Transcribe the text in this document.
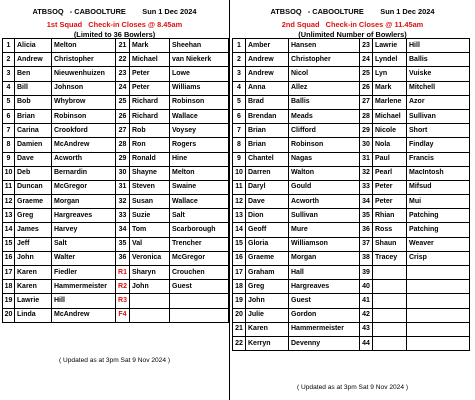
ATBSOQ   - CABOOLTURE        Sun 1 Dec 2024
1st Squad Check-in Closes @ 8.45am
(Limited to 36 Bowlers)
1	Alicia	Melton	21	Mark	Sheehan
2	Andrew	Christopher	22	Michael	van Niekerk
3	Ben	Nieuwenhuizen	23	Peter	Lowe
4	Bill	Johnson	24	Peter	Williams
5	Bob	Whybrow	25	Richard	Robinson
6	Brian	Robinson	26	Richard	Wallace
7	Carina	Crookford	27	Rob	Voysey
8	Damien	McAndrew	28	Ron	Rogers
9	Dave	Acworth	29	Ronald	Hine
10	Deb	Bernardin	30	Shayne	Melton
11	Duncan	McGregor	31	Steven	Swaine
12	Graeme	Morgan	32	Susan	Wallace
13	Greg	Hargreaves	33	Suzie	Salt
14	James	Harvey	34	Tom	Scarborough
15	Jeff	Salt	35	Val	Trencher
16	John	Walter	36	Veronica	McGregor
17	Karen	Fiedler	R1	Sharyn	Crouchen
18	Karen	Hammermeister	R2	John	Guest
19	Lawrie	Hill	R3		
20	Linda	McAndrew	F4		
( Updated as at 3pm Sat 9 Nov 2024 )
ATBSOQ   - CABOOLTURE        Sun 1 Dec 2024
2nd Squad Check-in Closes @ 11.45am
(Unlimited Number of Bowlers)
1	Amber	Hansen	23	Lawrie	Hill
2	Andrew	Christopher	24	Lyndel	Ballis
3	Andrew	Nicol	25	Lyn	Vuiske
4	Anna	Allez	26	Mark	Mitchell
5	Brad	Ballis	27	Marlene	Azor
6	Brendan	Meads	28	Michael	Sullivan
7	Brian	Clifford	29	Nicole	Short
8	Brian	Robinson	30	Nola	Findlay
9	Chantel	Nagas	31	Paul	Francis
10	Darren	Walton	32	Pearl	MacIntosh
11	Daryl	Gould	33	Peter	Mifsud
12	Dave	Acworth	34	Peter	Mui
13	Dion	Sullivan	35	Rhian	Patching
14	Geoff	Mure	36	Ross	Patching
15	Gloria	Williamson	37	Shaun	Weaver
16	Graeme	Morgan	38	Tracey	Crisp
17	Graham	Hall	39		
18	Greg	Hargreaves	40		
19	John	Guest	41		
20	Julie	Gordon	42		
21	Karen	Hammermeister	43		
22	Kerryn	Devenny	44		
( Updated as at 3pm Sat 9 Nov 2024 )
